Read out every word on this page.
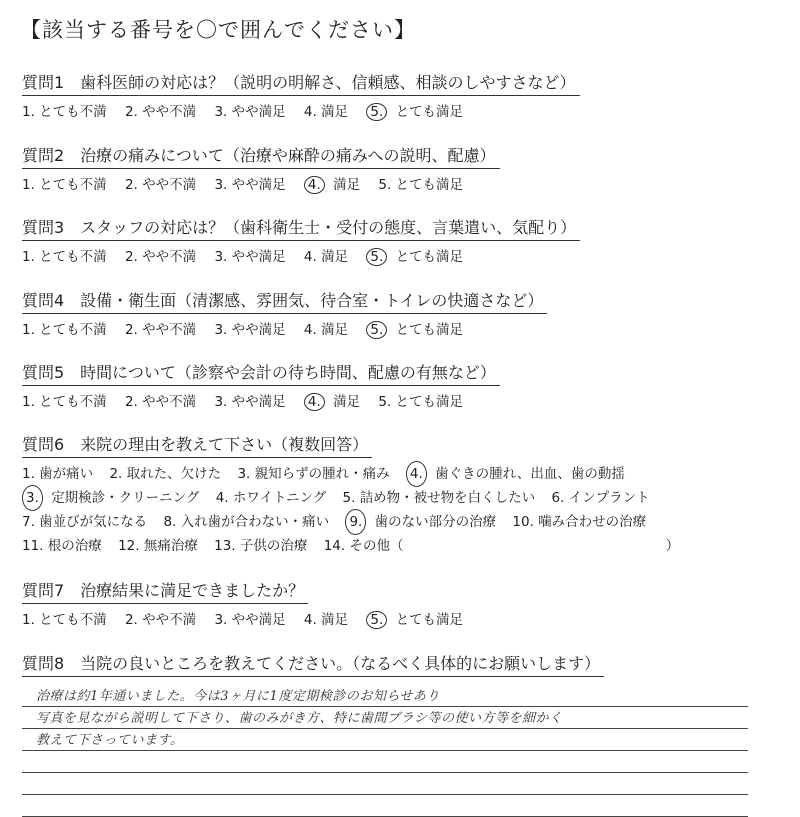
【該当する番号を〇で囲んでください】
質問1　歯科医師の対応は？（説明の明解さ、信頼感、相談のしやすさなど）
1. とても不満 2. やや不満 3. やや満足 4. 満足 5. とても満足
質問2　治療の痛みについて（治療や麻酔の痛みへの説明、配慮）
1. とても不満 2. やや不満 3. やや満足 4. 満足 5. とても満足
質問3　スタッフの対応は？（歯科衛生士・受付の態度、言葉遣い、気配り）
1. とても不満 2. やや不満 3. やや満足 4. 満足 5. とても満足
質問4　設備・衛生面（清潔感、雰囲気、待合室・トイレの快適さなど）
1. とても不満 2. やや不満 3. やや満足 4. 満足 5. とても満足
質問5　時間について（診察や会計の待ち時間、配慮の有無など）
1. とても不満 2. やや不満 3. やや満足 4. 満足 5. とても満足
質問6　来院の理由を教えて下さい（複数回答）
1. 歯が痛い 2. 取れた、欠けた 3. 親知らずの腫れ・痛み 4. 歯ぐきの腫れ、出血、歯の動揺
3. 定期検診・クリーニング 4. ホワイトニング 5. 詰め物・被せ物を白くしたい 6. インプラント
7. 歯並びが気になる 8. 入れ歯が合わない・痛い 9. 歯のない部分の治療 10. 噛み合わせの治療
11. 根の治療 12. 無痛治療 13. 子供の治療 14. その他（	）
質問7　治療結果に満足できましたか？
1. とても不満 2. やや不満 3. やや満足 4. 満足 5. とても満足
質問8　当院の良いところを教えてください。（なるべく具体的にお願いします）
治療は約1年通いました。今は3ヶ月に1度定期検診のお知らせあり
写真を見ながら説明して下さり、歯のみがき方、特に歯間ブラシ等の使い方等を細かく
教えて下さっています。
